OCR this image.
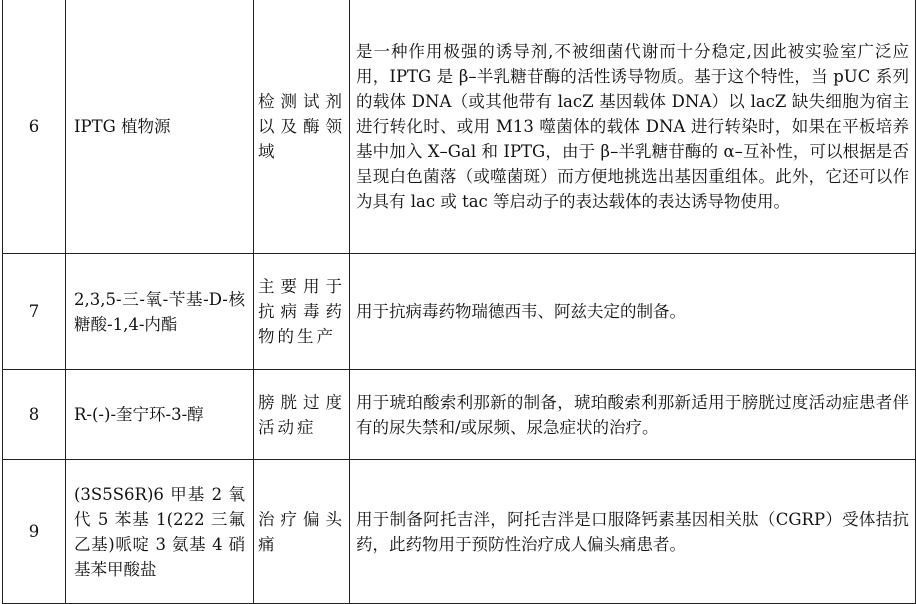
6	IPTG 植物源	检测试剂以及酶领域	是一种作用极强的诱导剂,不被细菌代谢而十分稳定,因此被实验室广泛应用，IPTG 是 β–半乳糖苷酶的活性诱导物质。基于这个特性，当 pUC 系列的载体 DNA（或其他带有 lacZ 基因载体 DNA）以 lacZ 缺失细胞为宿主进行转化时、或用 M13 噬菌体的载体 DNA 进行转染时，如果在平板培养基中加入 X–Gal 和 IPTG，由于 β–半乳糖苷酶的 α–互补性，可以根据是否呈现白色菌落（或噬菌斑）而方便地挑选出基因重组体。此外，它还可以作为具有 lac 或 tac 等启动子的表达载体的表达诱导物使用。
7	2,3,5-三-氧-苄基-D-核糖酸-1,4-内酯	主要用于抗病毒药物的生产	用于抗病毒药物瑞德西韦、阿兹夫定的制备。
8	R-(-)-奎宁环-3-醇	膀胱过度活动症	用于琥珀酸索利那新的制备，琥珀酸索利那新适用于膀胱过度活动症患者伴有的尿失禁和/或尿频、尿急症状的治疗。
9	(3S5S6R)6 甲基 2 氧代 5 苯基 1(222 三氟乙基)哌啶 3 氨基 4 硝基苯甲酸盐	治疗偏头痛	用于制备阿托吉泮，阿托吉泮是口服降钙素基因相关肽（CGRP）受体拮抗药，此药物用于预防性治疗成人偏头痛患者。
